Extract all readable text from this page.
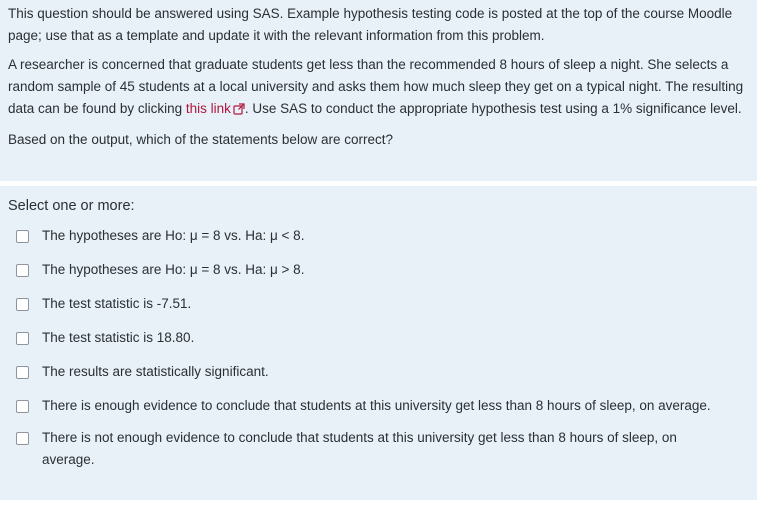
This question should be answered using SAS. Example hypothesis testing code is posted at the top of the course Moodle page; use that as a template and update it with the relevant information from this problem.

A researcher is concerned that graduate students get less than the recommended 8 hours of sleep a night. She selects a random sample of 45 students at a local university and asks them how much sleep they get on a typical night. The resulting data can be found by clicking this link . Use SAS to conduct the appropriate hypothesis test using a 1% significance level.

Based on the output, which of the statements below are correct?

Select one or more:
The hypotheses are Ho: μ = 8 vs. Ha: μ < 8.
The hypotheses are Ho: μ = 8 vs. Ha: μ > 8.
The test statistic is -7.51.
The test statistic is 18.80.
The results are statistically significant.
There is enough evidence to conclude that students at this university get less than 8 hours of sleep, on average.
There is not enough evidence to conclude that students at this university get less than 8 hours of sleep, on average.
